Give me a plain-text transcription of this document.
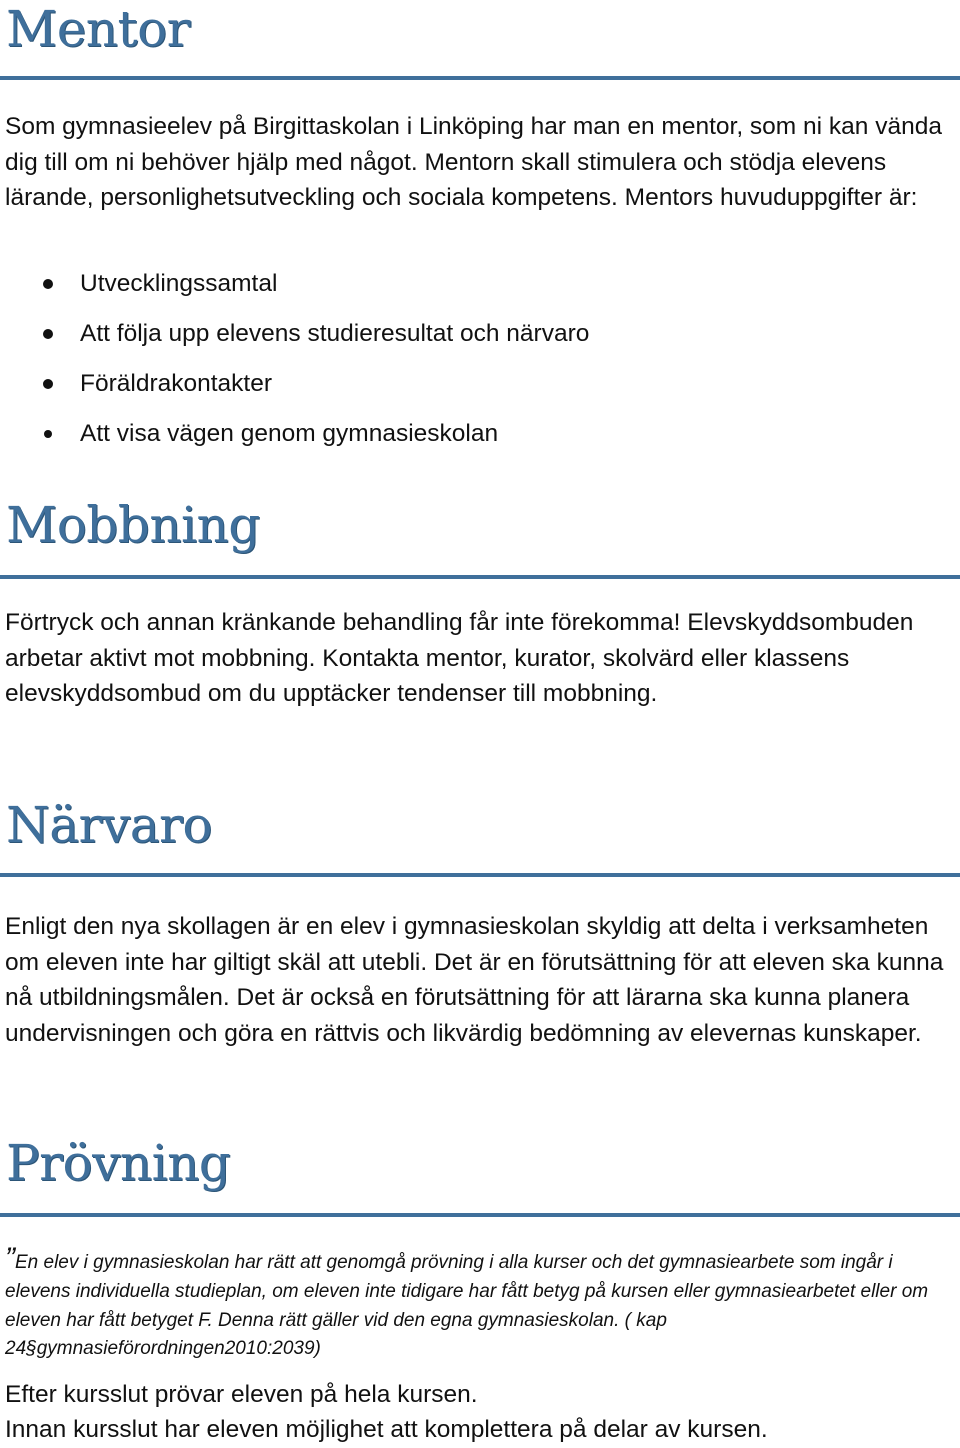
Mentor

Som gymnasieelev på Birgittaskolan i Linköping har man en mentor, som ni kan vända dig till om ni behöver hjälp med något. Mentorn skall stimulera och stödja elevens lärande, personlighetsutveckling och sociala kompetens. Mentors huvuduppgifter är:

Utvecklingssamtal
Att följa upp elevens studieresultat och närvaro
Föräldrakontakter
Att visa vägen genom gymnasieskolan
Mobbning

Förtryck och annan kränkande behandling får inte förekomma! Elevskyddsombuden arbetar aktivt mot mobbning. Kontakta mentor, kurator, skolvärd eller klassens elevskyddsombud om du upptäcker tendenser till mobbning.

Närvaro

Enligt den nya skollagen är en elev i gymnasieskolan skyldig att delta i verksamheten om eleven inte har giltigt skäl att utebli. Det är en förutsättning för att eleven ska kunna nå utbildningsmålen. Det är också en förutsättning för att lärarna ska kunna planera undervisningen och göra en rättvis och likvärdig bedömning av elevernas kunskaper.

Prövning

”En elev i gymnasieskolan har rätt att genomgå prövning i alla kurser och det gymnasiearbete som ingår i elevens individuella studieplan, om eleven inte tidigare har fått betyg på kursen eller gymnasiearbetet eller om eleven har fått betyget F. Denna rätt gäller vid den egna gymnasieskolan. ( kap 24§gymnasieförordningen2010:2039)

Efter kursslut prövar eleven på hela kursen.

Innan kursslut har eleven möjlighet att komplettera på delar av kursen.
